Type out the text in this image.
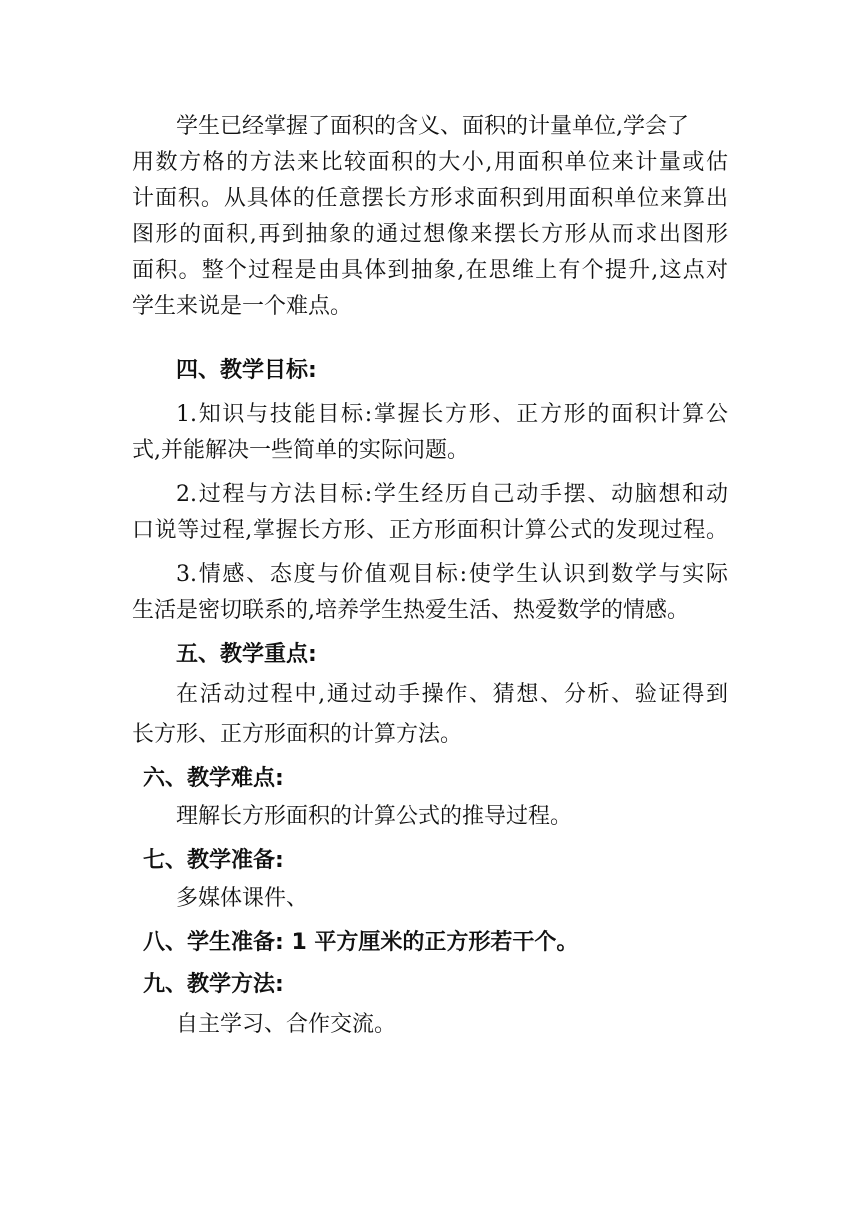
学生已经掌握了面积的含义、面积的计量单位,学会了
用数方格的方法来比较面积的大小,用面积单位来计量或估
计面积。从具体的任意摆长方形求面积到用面积单位来算出
图形的面积,再到抽象的通过想像来摆长方形从而求出图形
面积。整个过程是由具体到抽象,在思维上有个提升,这点对
学生来说是一个难点。
四、教学目标:
1.知识与技能目标:掌握长方形、正方形的面积计算公
式,并能解决一些简单的实际问题。
2.过程与方法目标:学生经历自己动手摆、动脑想和动
口说等过程,掌握长方形、正方形面积计算公式的发现过程。
3.情感、态度与价值观目标:使学生认识到数学与实际
生活是密切联系的,培养学生热爱生活、热爱数学的情感。
五、教学重点:
在活动过程中,通过动手操作、猜想、分析、验证得到
长方形、正方形面积的计算方法。
六、教学难点:
理解长方形面积的计算公式的推导过程。
七、教学准备:
多媒体课件、
八、学生准备: 1 平方厘米的正方形若干个。
九、教学方法:
自主学习、合作交流。
